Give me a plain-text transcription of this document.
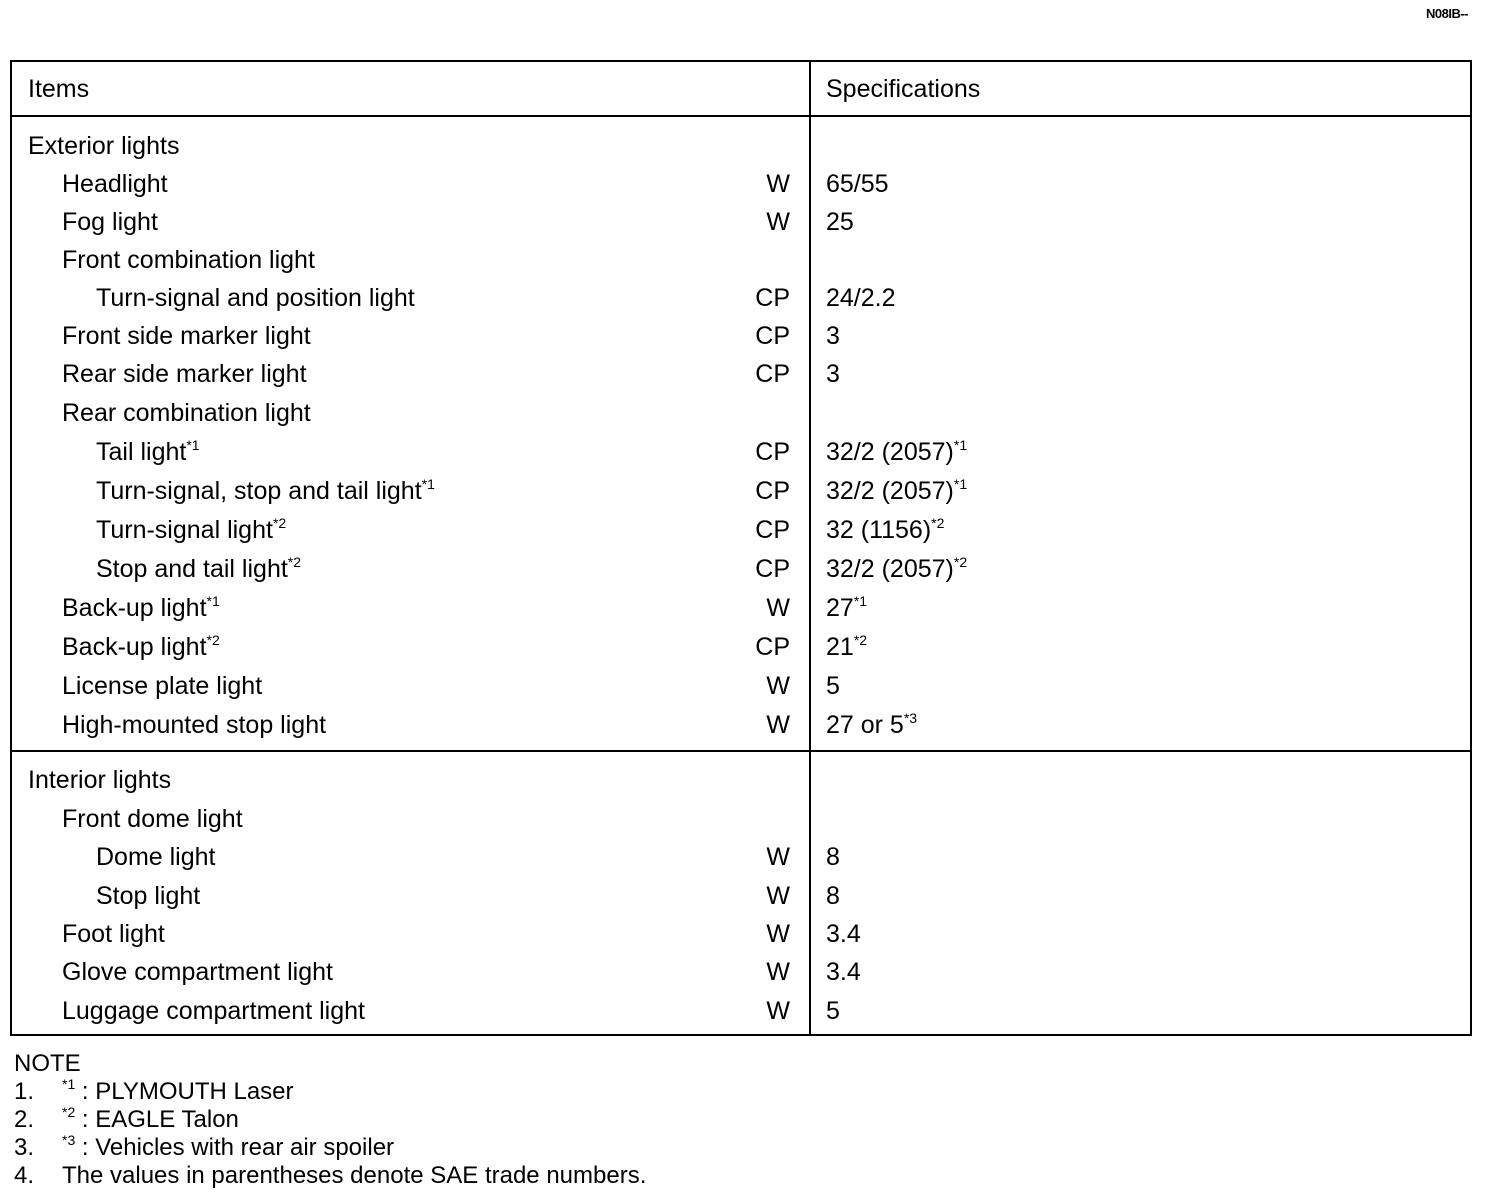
N08IB--
Items	Specifications
Exterior lights
Headlight	W 65/55
Fog light	W 25
Front combination light
Turn-signal and position light	CP 24/2.2
Front side marker light	CP 3
Rear side marker light	CP 3
Rear combination light
Tail light$^{*1}$	CP 32/2 $(2057)^{*1}$
Turn-signal, stop and tail light$^{*1}$	CP 32/2 $(2057)^{*1}$
Turn-signal light$^{*2}$	CP 32 $(1156)^{*2}$
Stop and tail light$^{*2}$	CP 32/2 $(2057)^{*2}$
Back-up light$^{*1}$	W 27$^{*1}$
Back-up light$^{*2}$	CP 21$^{*2}$
License plate light	W 5
High-mounted stop light	W 27 or 5$^{*3}$
Interior lights
Front dome light
Dome light	W 8
Stop light	W 8
Foot light	W 3.4
Glove compartment light	W 3.4
Luggage compartment light	W 5
NOTE
1. $^{*1}$ : PLYMOUTH Laser
2. $^{*2}$ : EAGLE Talon
3. $^{*3}$ : Vehicles with rear air spoiler
4. The values in parentheses denote SAE trade numbers.
